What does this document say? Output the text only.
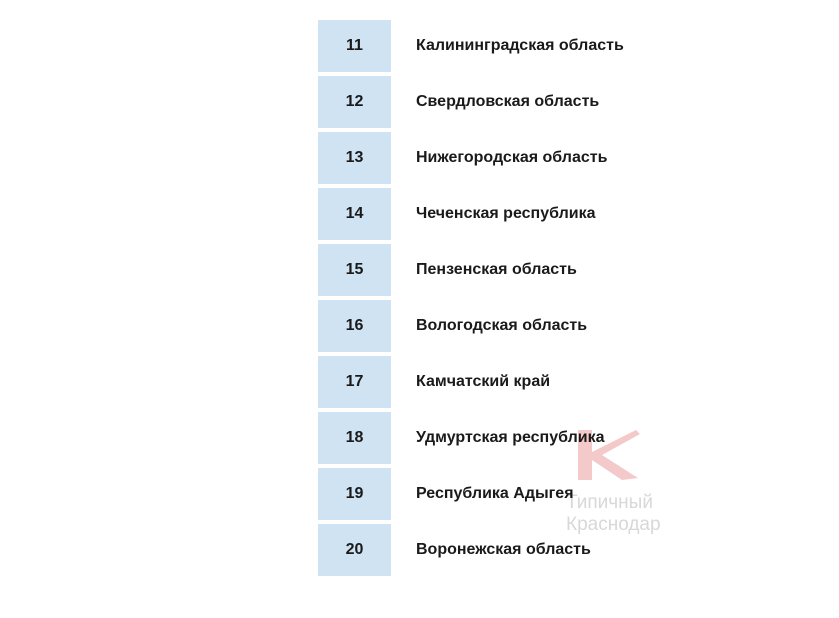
11	Калининградская область
12	Свердловская область
13	Нижегородская область
14	Чеченская республика
15	Пензенская область
16	Вологодская область
17	Камчатский край
18	Удмуртская республика
19	Республика Адыгея
20	Воронежская область
Типичный
Краснодар
